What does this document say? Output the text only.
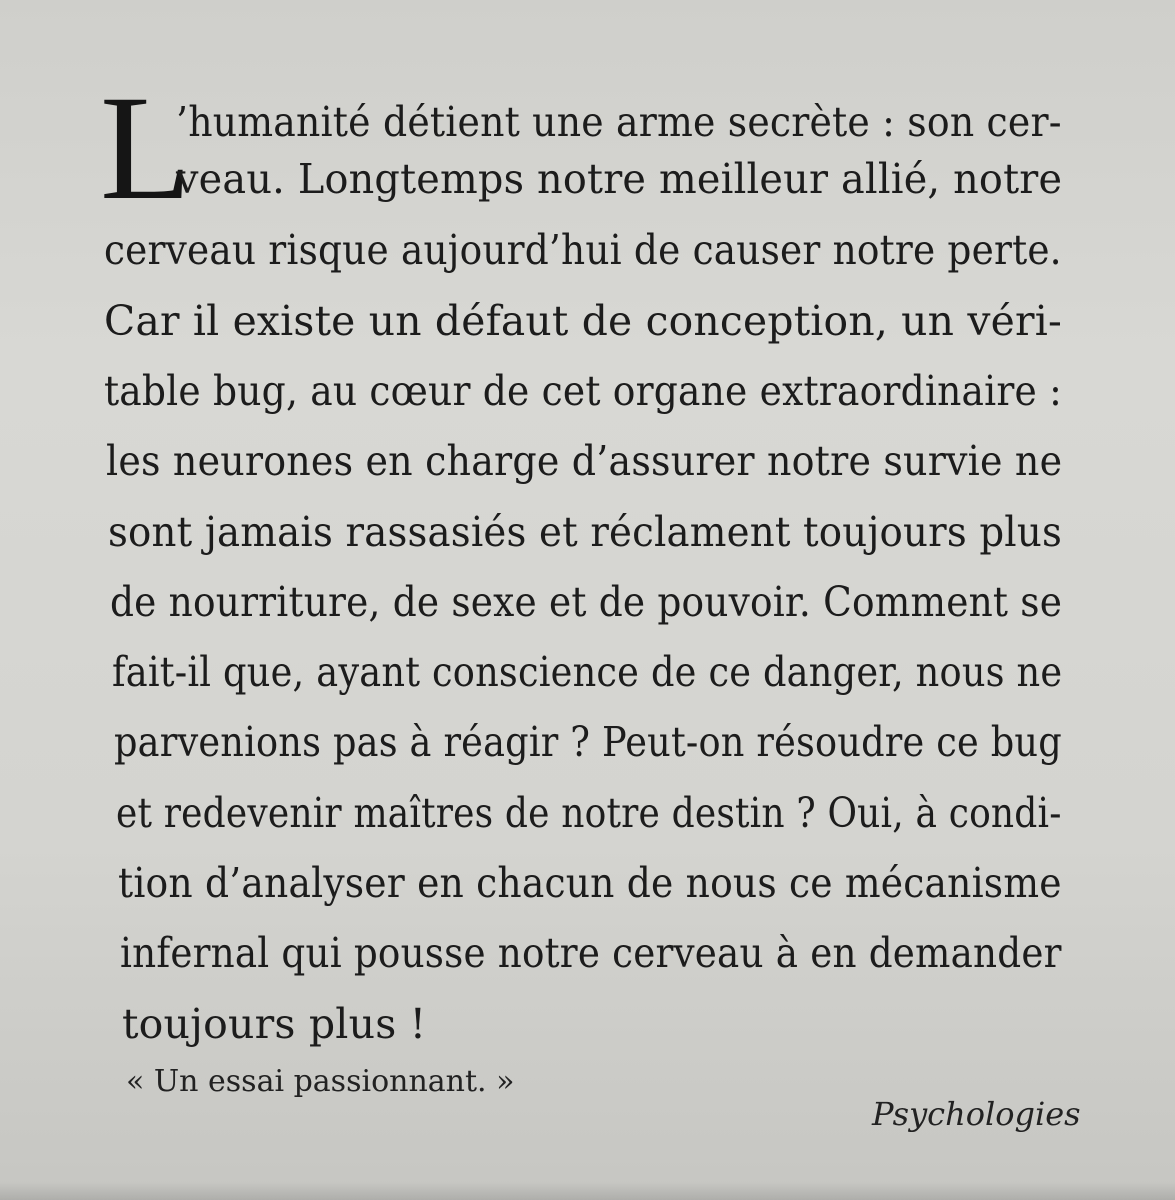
L
’humanité détient une arme secrète : son cer-
veau. Longtemps notre meilleur allié, notre
cerveau risque aujourd’hui de causer notre perte.
Car il existe un défaut de conception, un véri-
table bug, au cœur de cet organe extraordinaire :
les neurones en charge d’assurer notre survie ne
sont jamais rassasiés et réclament toujours plus
de nourriture, de sexe et de pouvoir. Comment se
fait-il que, ayant conscience de ce danger, nous ne
parvenions pas à réagir ? Peut-on résoudre ce bug
et redevenir maîtres de notre destin ? Oui, à condi-
tion d’analyser en chacun de nous ce mécanisme
infernal qui pousse notre cerveau à en demander
toujours plus !
« Un essai passionnant. »
Psychologies
